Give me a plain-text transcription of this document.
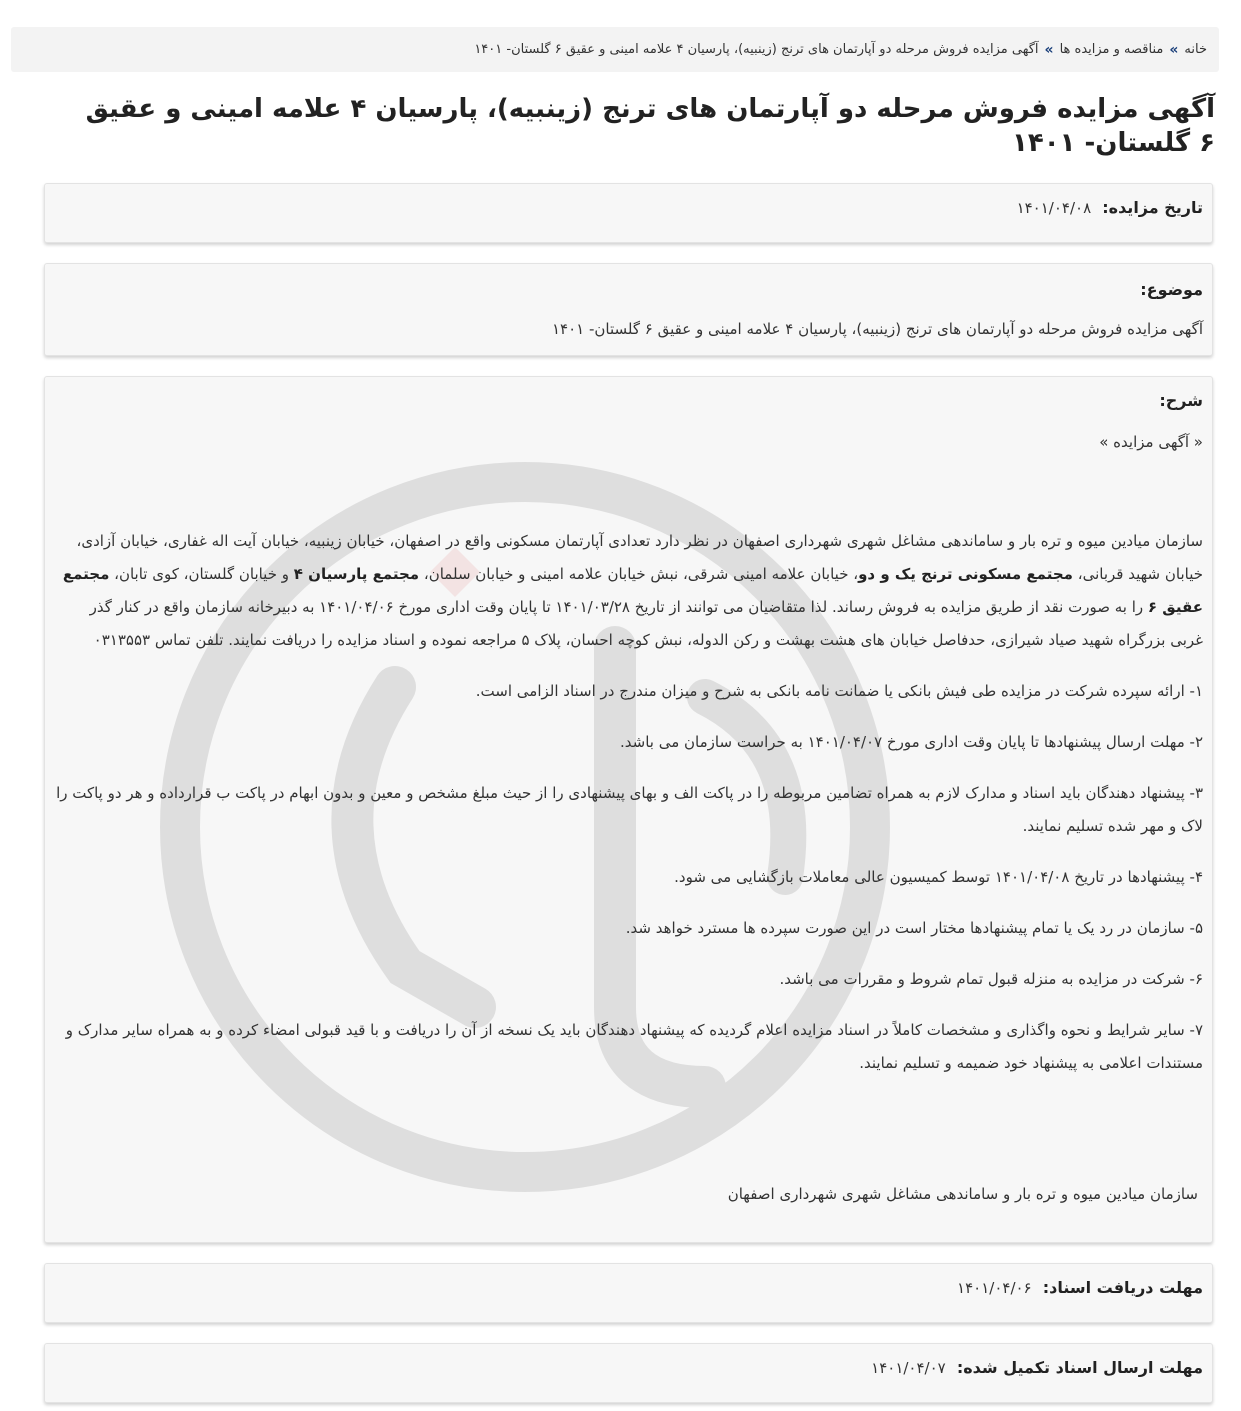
خانه
»
مناقصه و مزایده ها
»
آگهی مزایده فروش مرحله دو آپارتمان های ترنج (زینبیه)، پارسیان ۴ علامه امینی و عقیق ۶ گلستان- ۱۴۰۱
آگهی مزایده فروش مرحله دو آپارتمان های ترنج (زینبیه)، پارسیان ۴ علامه امینی و عقیق ۶ گلستان- ۱۴۰۱
تاریخ مزایده: ۱۴۰۱/۰۴/۰۸
موضوع:
آگهی مزایده فروش مرحله دو آپارتمان های ترنج (زینبیه)، پارسیان ۴ علامه امینی و عقیق ۶ گلستان- ۱۴۰۱
شرح:
« آگهی مزایده »

سازمان میادین میوه و تره بار و ساماندهی مشاغل شهری شهرداری اصفهان در نظر دارد تعدادی آپارتمان مسکونی واقع در اصفهان، خیابان زینبیه، خیابان آیت اله غفاری، خیابان آزادی، خیابان شهید قربانی، مجتمع مسکونی ترنج یک و دو، خیابان علامه امینی شرقی، نبش خیابان علامه امینی و خیابان سلمان، مجتمع پارسیان ۴ و خیابان گلستان، کوی تابان، مجتمع عقیق ۶ را به صورت نقد از طریق مزایده به فروش رساند. لذا متقاضیان می توانند از تاریخ ۱۴۰۱/۰۳/۲۸ تا پایان وقت اداری مورخ ۱۴۰۱/۰۴/۰۶ به دبیرخانه سازمان واقع در کنار گذر غربی بزرگراه شهید صیاد شیرازی، حدفاصل خیابان های هشت بهشت و رکن الدوله، نبش کوچه احسان، پلاک ۵ مراجعه نموده و اسناد مزایده را دریافت نمایند. تلفن تماس ۰۳۱۳۵۵۳

۱- ارائه سپرده شرکت در مزایده طی فیش بانکی یا ضمانت نامه بانکی به شرح و میزان مندرج در اسناد الزامی است.

۲- مهلت ارسال پیشنهادها تا پایان وقت اداری مورخ ۱۴۰۱/۰۴/۰۷ به حراست سازمان می باشد.

۳- پیشنهاد دهندگان باید اسناد و مدارک لازم به همراه تضامین مربوطه را در پاکت الف و بهای پیشنهادی را از حیث مبلغ مشخص و معین و بدون ابهام در پاکت ب قرارداده و هر دو پاکت را لاک و مهر شده تسلیم نمایند.

۴- پیشنهادها در تاریخ ۱۴۰۱/۰۴/۰۸ توسط کمیسیون عالی معاملات بازگشایی می شود.

۵- سازمان در رد یک یا تمام پیشنهادها مختار است در این صورت سپرده ها مسترد خواهد شد.

۶- شرکت در مزایده به منزله قبول تمام شروط و مقررات می باشد.

۷- سایر شرایط و نحوه واگذاری و مشخصات کاملاً در اسناد مزایده اعلام گردیده که پیشنهاد دهندگان باید یک نسخه از آن را دریافت و با قید قبولی امضاء کرده و به همراه سایر مدارک و مستندات اعلامی به پیشنهاد خود ضمیمه و تسلیم نمایند.

سازمان میادین میوه و تره بار و ساماندهی مشاغل شهری شهرداری اصفهان
مهلت دریافت اسناد: ۱۴۰۱/۰۴/۰۶
مهلت ارسال اسناد تکمیل شده: ۱۴۰۱/۰۴/۰۷
